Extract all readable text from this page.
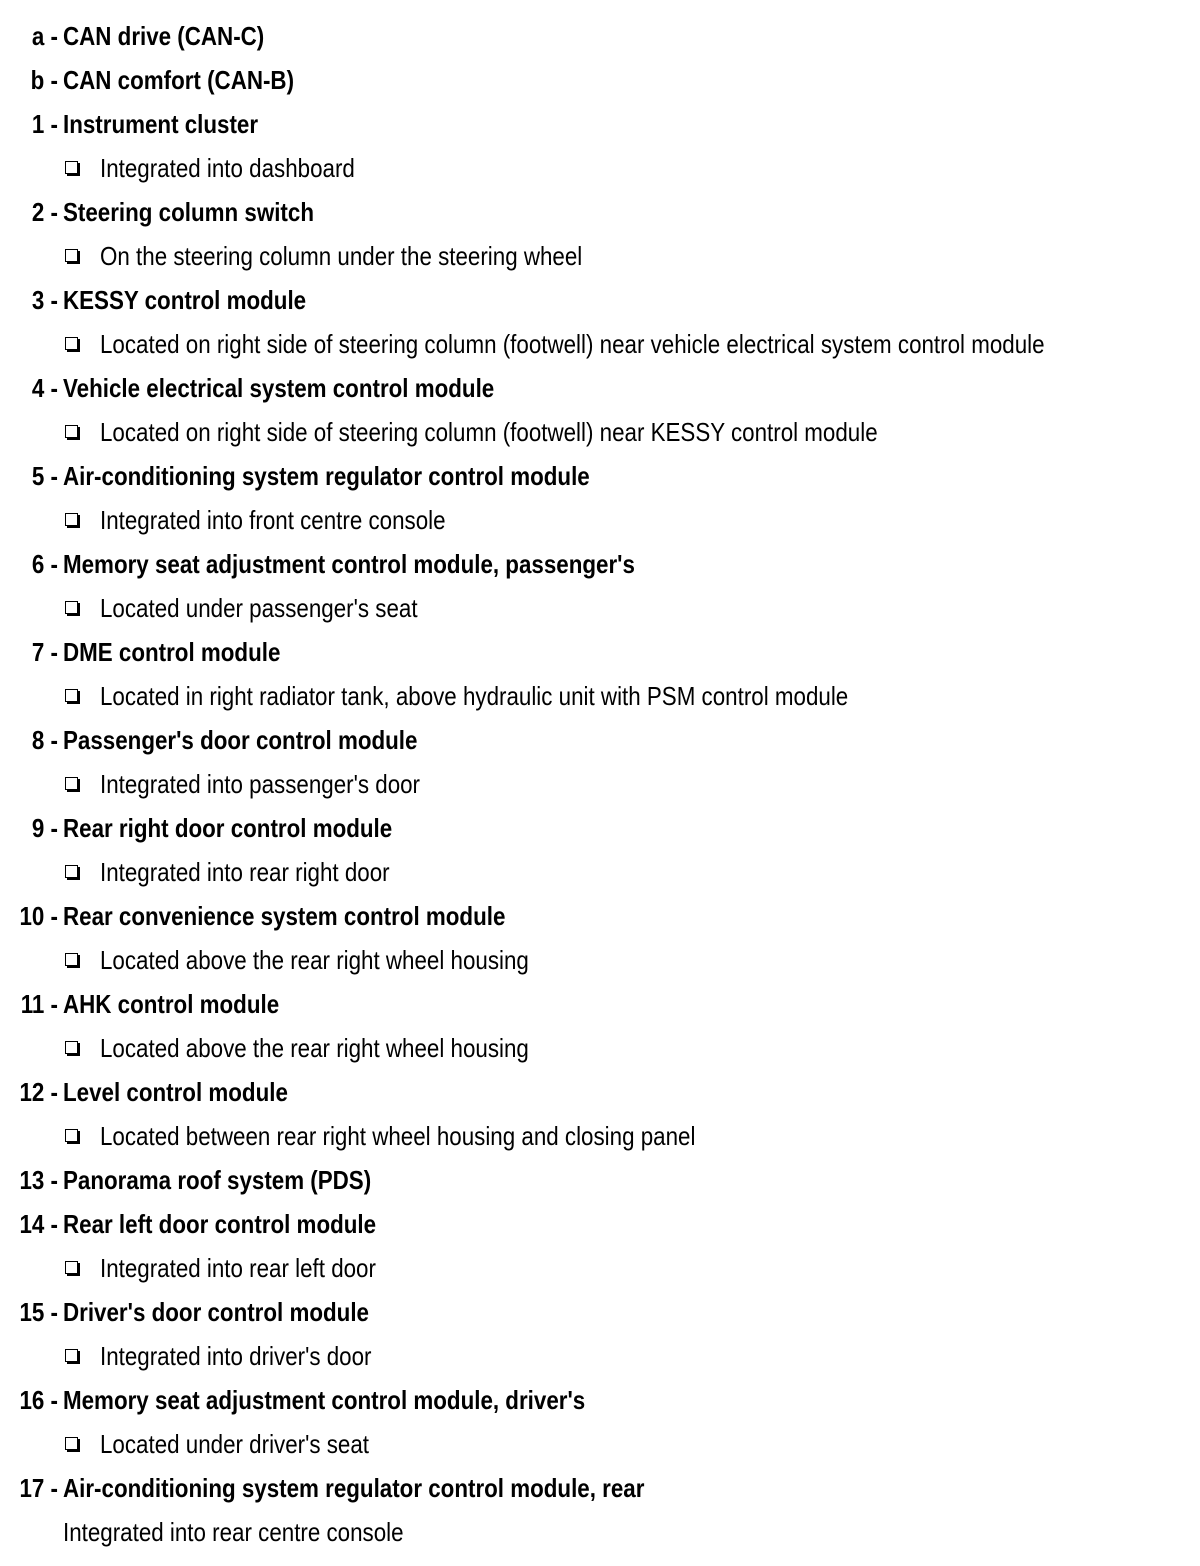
a - CAN drive (CAN-C)
b - CAN comfort (CAN-B)
1 - Instrument cluster
Integrated into dashboard
2 - Steering column switch
On the steering column under the steering wheel
3 - KESSY control module
Located on right side of steering column (footwell) near vehicle electrical system control module
4 - Vehicle electrical system control module
Located on right side of steering column (footwell) near KESSY control module
5 - Air-conditioning system regulator control module
Integrated into front centre console
6 - Memory seat adjustment control module, passenger's
Located under passenger's seat
7 - DME control module
Located in right radiator tank, above hydraulic unit with PSM control module
8 - Passenger's door control module
Integrated into passenger's door
9 - Rear right door control module
Integrated into rear right door
10 - Rear convenience system control module
Located above the rear right wheel housing
11 - AHK control module
Located above the rear right wheel housing
12 - Level control module
Located between rear right wheel housing and closing panel
13 - Panorama roof system (PDS)
14 - Rear left door control module
Integrated into rear left door
15 - Driver's door control module
Integrated into driver's door
16 - Memory seat adjustment control module, driver's
Located under driver's seat
17 - Air-conditioning system regulator control module, rear
Integrated into rear centre console
